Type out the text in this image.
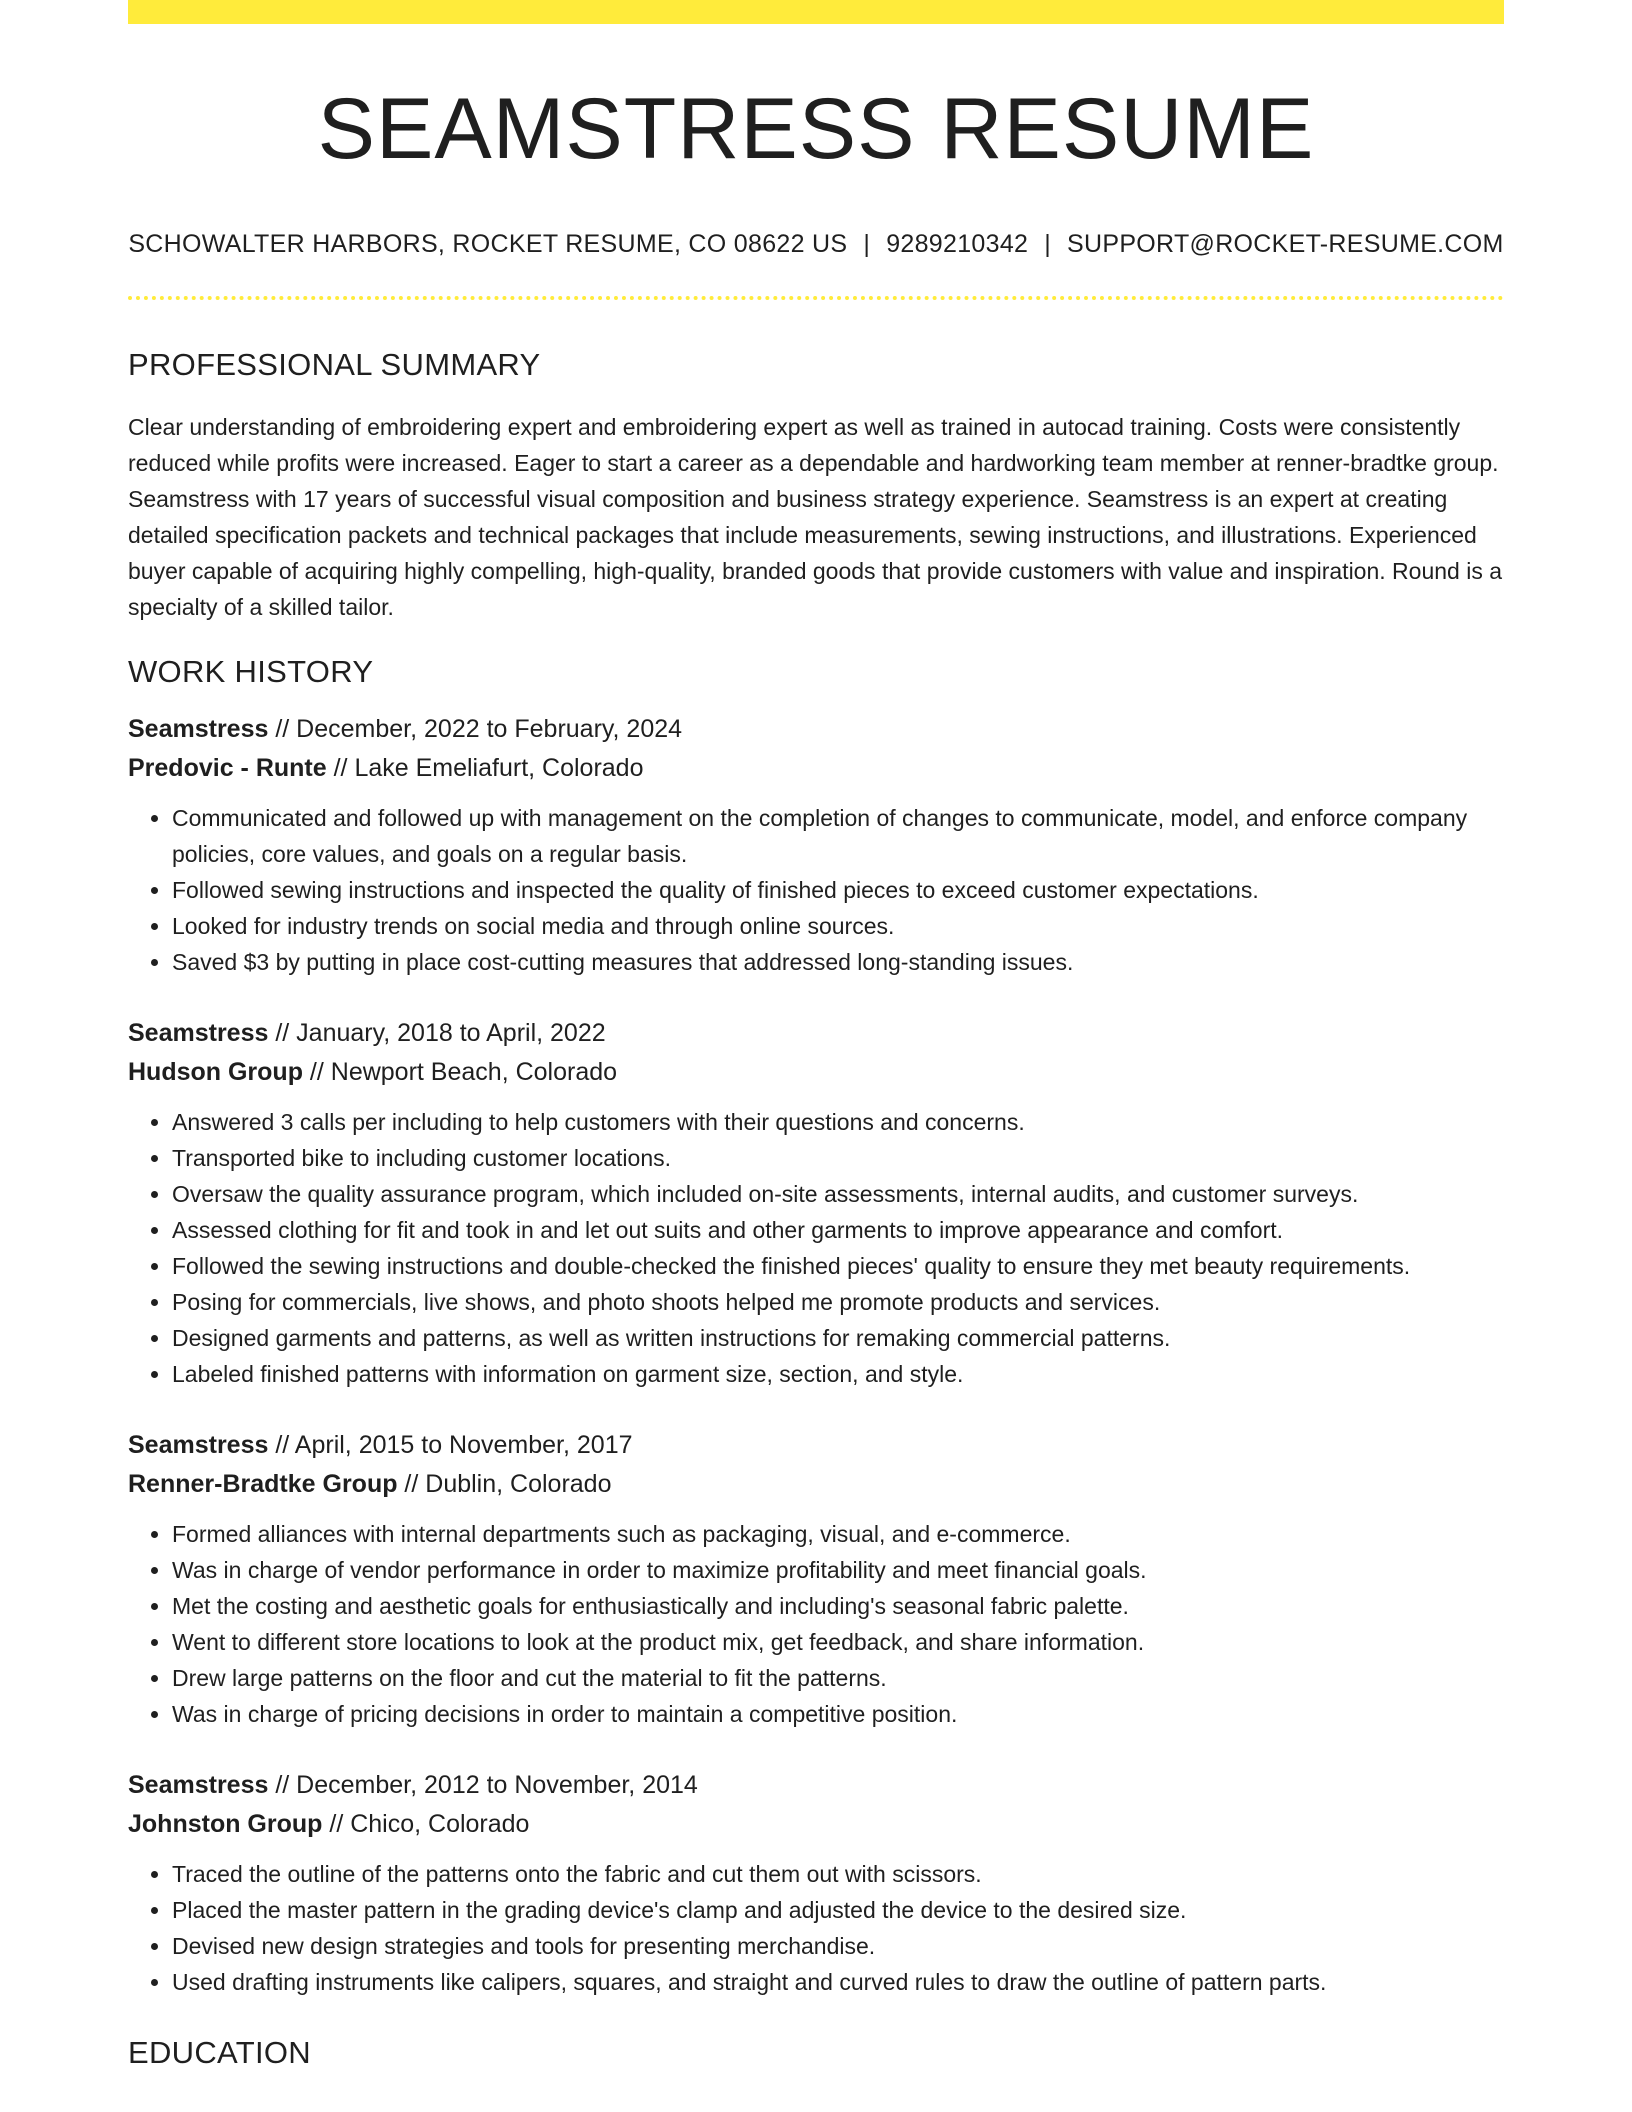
SEAMSTRESS RESUME
SCHOWALTER HARBORS, ROCKET RESUME, CO 08622 US | 9289210342 | SUPPORT@ROCKET-RESUME.COM
PROFESSIONAL SUMMARY

Clear understanding of embroidering expert and embroidering expert as well as trained in autocad training. Costs were consistently reduced while profits were increased. Eager to start a career as a dependable and hardworking team member at renner-bradtke group. Seamstress with 17 years of successful visual composition and business strategy experience. Seamstress is an expert at creating detailed specification packets and technical packages that include measurements, sewing instructions, and illustrations. Experienced buyer capable of acquiring highly compelling, high-quality, branded goods that provide customers with value and inspiration. Round is a specialty of a skilled tailor.

WORK HISTORY
Seamstress // December, 2022 to February, 2024
Predovic - Runte // Lake Emeliafurt, Colorado
• Communicated and followed up with management on the completion of changes to communicate, model, and enforce company policies, core values, and goals on a regular basis.
• Followed sewing instructions and inspected the quality of finished pieces to exceed customer expectations.
• Looked for industry trends on social media and through online sources.
• Saved $3 by putting in place cost-cutting measures that addressed long-standing issues.
Seamstress // January, 2018 to April, 2022
Hudson Group // Newport Beach, Colorado
• Answered 3 calls per including to help customers with their questions and concerns.
• Transported bike to including customer locations.
• Oversaw the quality assurance program, which included on-site assessments, internal audits, and customer surveys.
• Assessed clothing for fit and took in and let out suits and other garments to improve appearance and comfort.
• Followed the sewing instructions and double-checked the finished pieces' quality to ensure they met beauty requirements.
• Posing for commercials, live shows, and photo shoots helped me promote products and services.
• Designed garments and patterns, as well as written instructions for remaking commercial patterns.
• Labeled finished patterns with information on garment size, section, and style.
Seamstress // April, 2015 to November, 2017
Renner-Bradtke Group // Dublin, Colorado
• Formed alliances with internal departments such as packaging, visual, and e-commerce.
• Was in charge of vendor performance in order to maximize profitability and meet financial goals.
• Met the costing and aesthetic goals for enthusiastically and including's seasonal fabric palette.
• Went to different store locations to look at the product mix, get feedback, and share information.
• Drew large patterns on the floor and cut the material to fit the patterns.
• Was in charge of pricing decisions in order to maintain a competitive position.
Seamstress // December, 2012 to November, 2014
Johnston Group // Chico, Colorado
• Traced the outline of the patterns onto the fabric and cut them out with scissors.
• Placed the master pattern in the grading device's clamp and adjusted the device to the desired size.
• Devised new design strategies and tools for presenting merchandise.
• Used drafting instruments like calipers, squares, and straight and curved rules to draw the outline of pattern parts.
EDUCATION
